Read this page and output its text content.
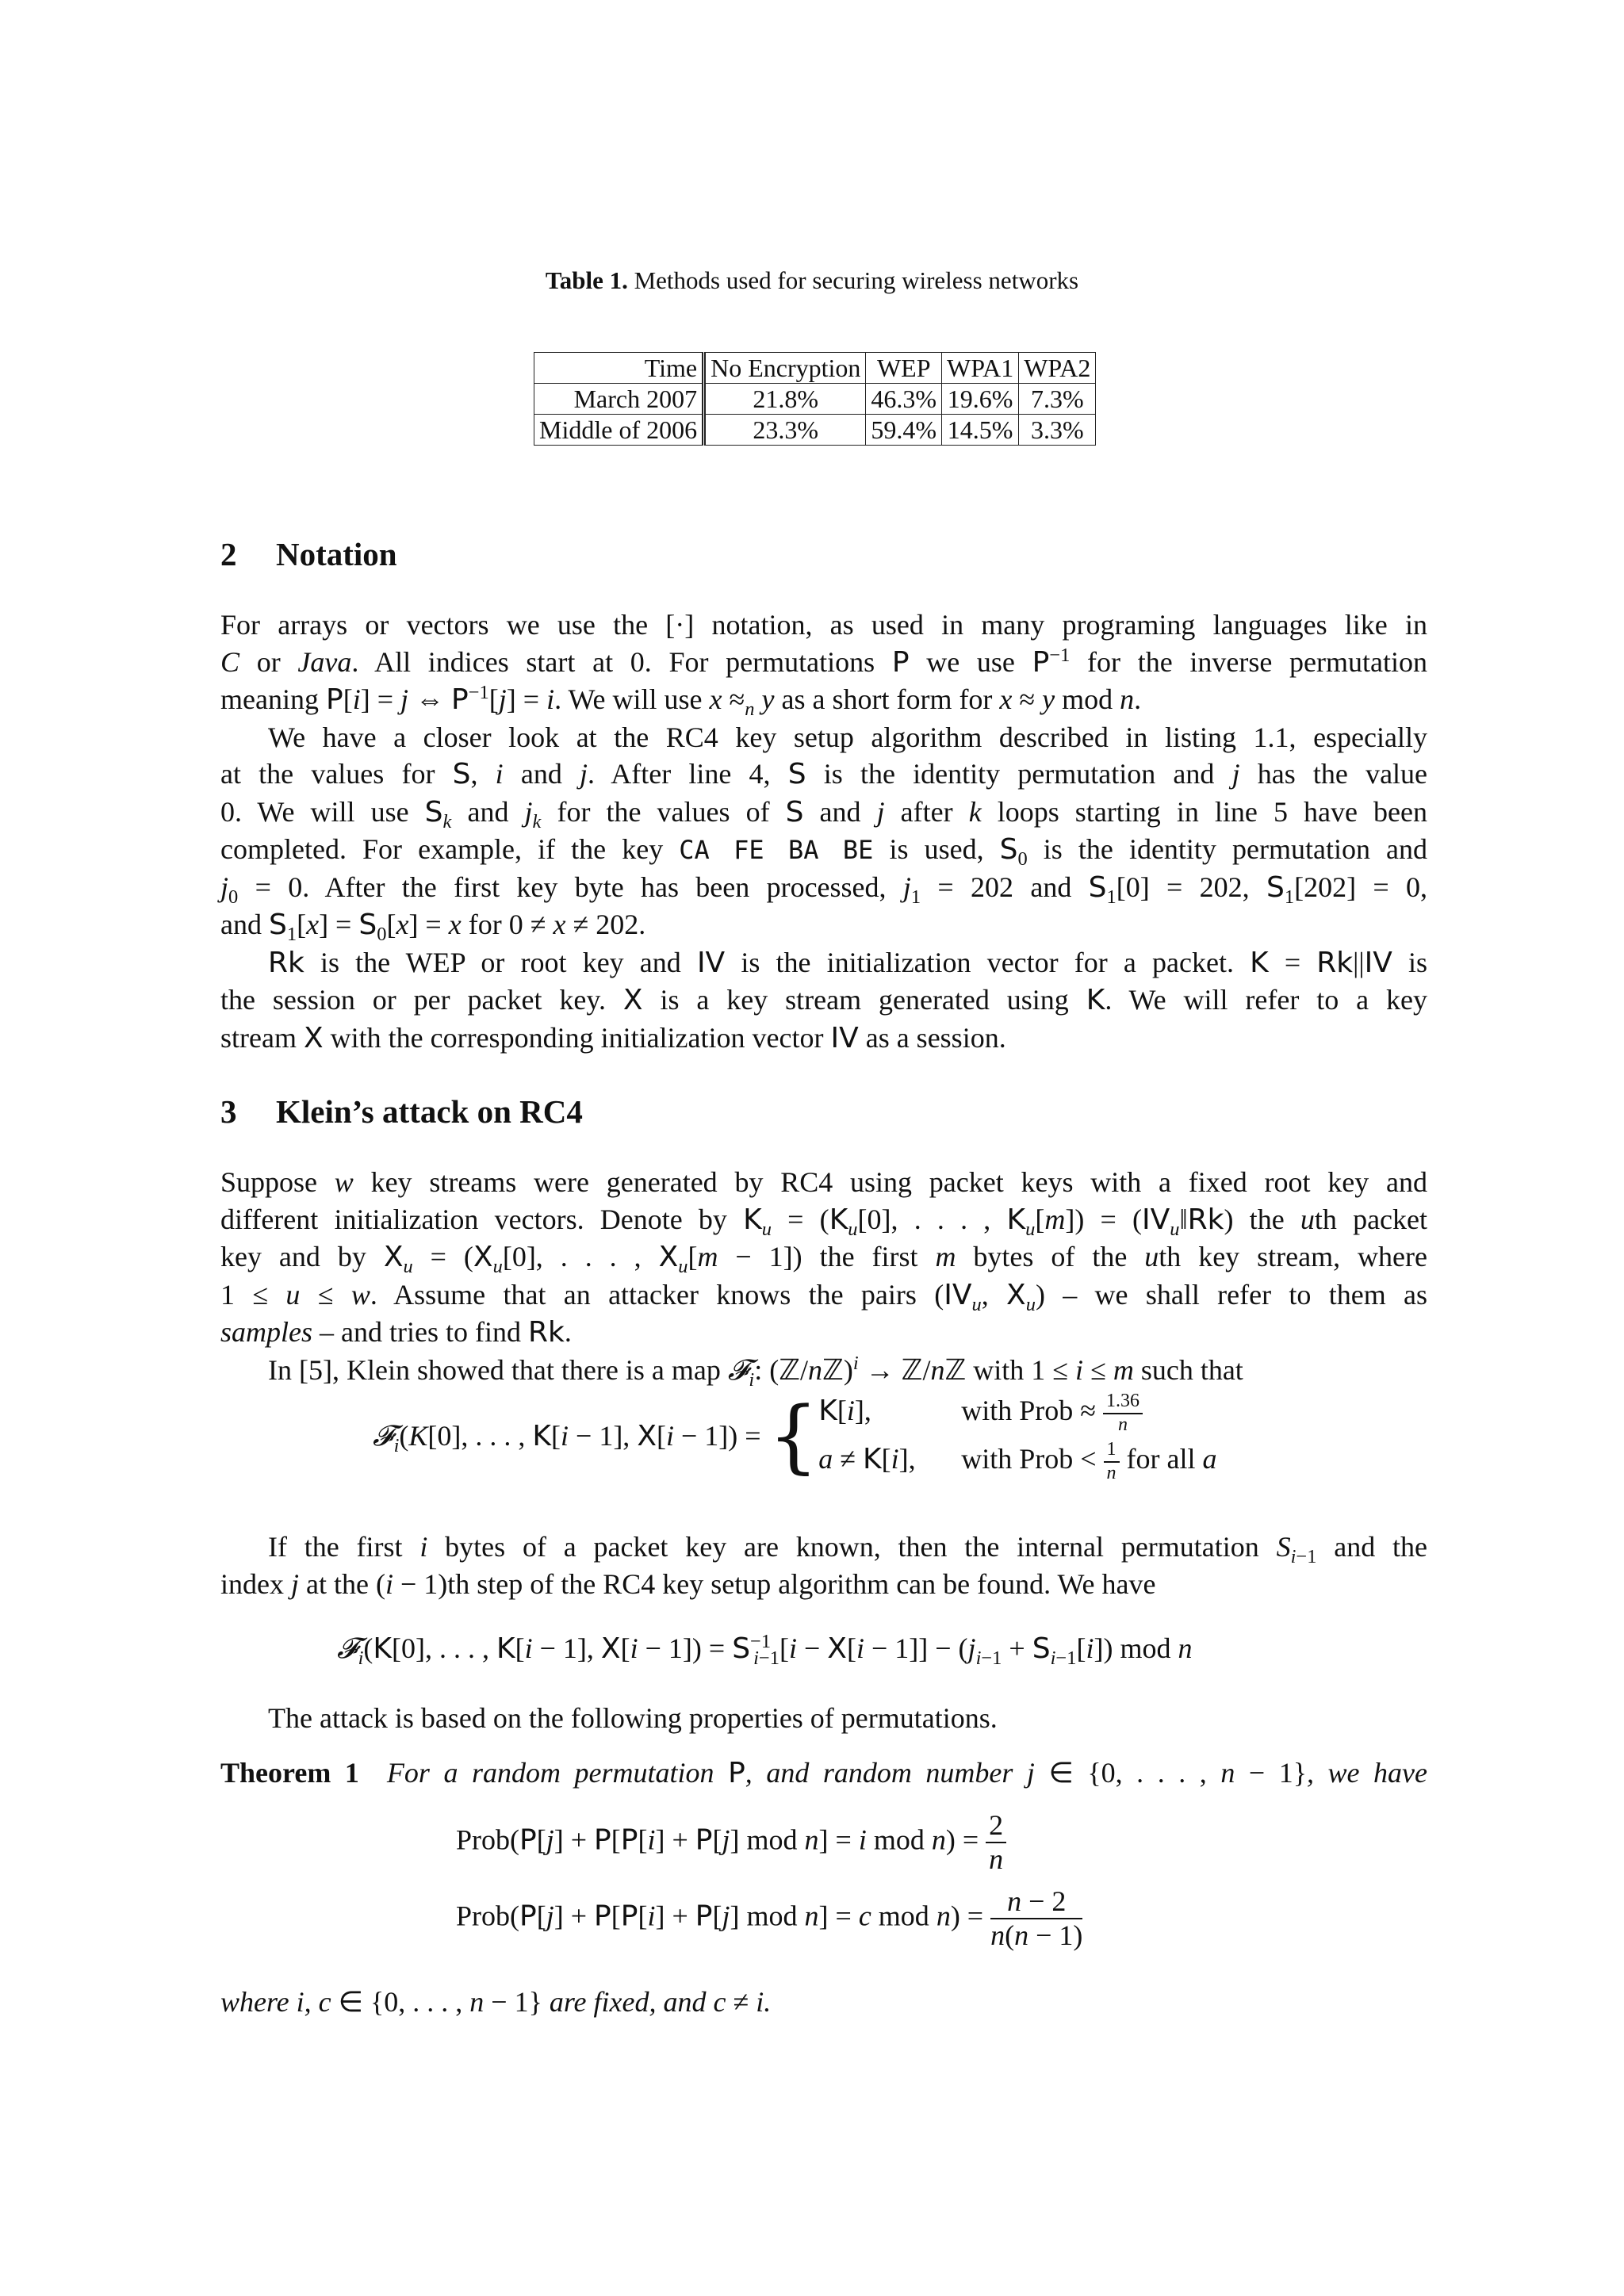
Table 1. Methods used for securing wireless networks
Time	No Encryption	WEP	WPA1	WPA2
March 2007	21.8%	46.3%	19.6%	7.3%
Middle of 2006	23.3%	59.4%	14.5%	3.3%
2 Notation
For arrays or vectors we use the [·] notation, as used in many programing languages like in
C or Java. All indices start at 0. For permutations P we use $P^{-1}$ for the inverse permutation
meaning P[i] = j ⇔ $P^{-1}[j] = i$. We will use $x \approx_n$ y as a short form for x ≈ y mod n.
We have a closer look at the RC4 key setup algorithm described in listing 1.1, especially
at the values for S, i and j. After line 4, S is the identity permutation and j has the value
0. We will use $S_k$ and $j_k$ for the values of S and j after k loops starting in line 5 have been
completed. For example, if the key CA FE BA BE is used, $S_0$ is the identity permutation and
$j_0 = 0$. After the first key byte has been processed, $j_1 = 202$ and $S_1[0] = 202$, $S_1[202] = 0$,
and $S_1[x] = S_0[x] = x$ for 0 ≠ x ≠ 202.
Rk is the WEP or root key and IV is the initialization vector for a packet. K = Rk||IV is
the session or per packet key. X is a key stream generated using K. We will refer to a key
stream X with the corresponding initialization vector IV as a session.
3 Klein’s attack on RC4
Suppose w key streams were generated by RC4 using packet keys with a fixed root key and
different initialization vectors. Denote by $K_u = (K_u[0]$, . . . , $K_u[m]$) = $(IV_u‖Rk)$ the uth packet
key and by $X_u = (X_u[0]$, . . . , $X_u[m - 1]$) the first m bytes of the uth key stream, where
1 ≤ u ≤ w. Assume that an attacker knows the pairs ($IV_u$, $X_u$) – we shall refer to them as
samples – and tries to find Rk.
In [5], Klein showed that there is a map 𝓕$_i$: (ℤ/nℤ)$^i$ → ℤ/nℤ with 1 ≤ i ≤ m such that
𝓕$_i$(K[0], . . . , K[i − 1], X[i − 1]) = { K[i],	with Prob ≈ $\frac{1.36}{n}$
a ≠ K[i], with Prob < $\frac{1}{n}$ for all a
If the first i bytes of a packet key are known, then the internal permutation $S_{i-1}$ and the
index j at the (i − 1)th step of the RC4 key setup algorithm can be found. We have
𝓕$_i$(K[0], . . . , K[i − 1], $X[i - 1]) = S^{-1}_{i-1}[i - X[i - 1]] - (j_{i-1} + S_{i-1}[i])$ mod n
The attack is based on the following properties of permutations.
Theorem 1 For a random permutation P, and random number j ∈ {0, . . . , n − 1}, we have
Prob(P[j] + P[P[i] + P[j] mod n] = i mod $n) = \frac{2}{n}$
Prob(P[j] + P[P[i] + P[j] mod n] = c mod $n) = \frac{n - 2}{n(n - 1)}$
where i, c ∈ {0, . . . , n − 1} are fixed, and c ≠ i.
